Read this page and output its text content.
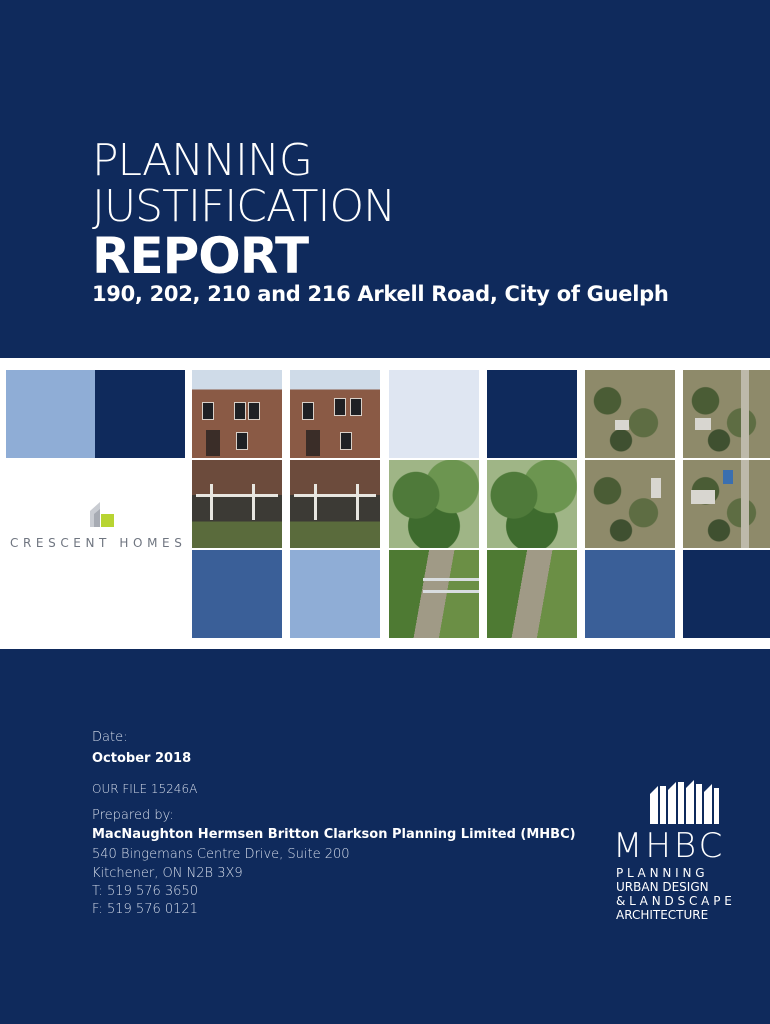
PLANNING
JUSTIFICATION
REPORT
190, 202, 210 and 216 Arkell Road, City of Guelph
CRESCENT HOMES
Date:
October 2018
OUR FILE 15246A
Prepared by:
MacNaughton Hermsen Britton Clarkson Planning Limited (MHBC)
540 Bingemans Centre Drive, Suite 200
Kitchener, ON N2B 3X9
T: 519 576 3650
F: 519 576 0121
MHBC
P L A N N I N G
URBAN DESIGN
& L A N D S C A P E
ARCHITECTURE
